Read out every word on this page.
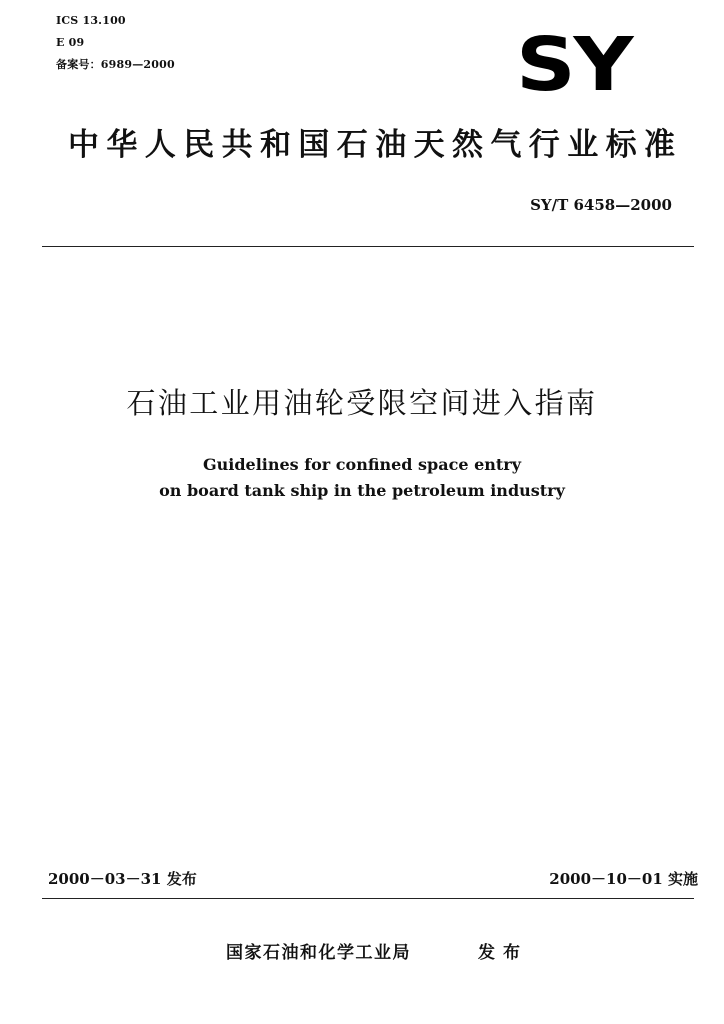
ICS 13.100
E 09
备案号：6989—2000	SY
中华人民共和国石油天然气行业标准
SY/T 6458—2000
石油工业用油轮受限空间进入指南
Guidelines for confined space entry
on board tank ship in the petroleum industry
2000－03－31 发布	2000－10－01 实施
国家石油和化学工业局	发布
